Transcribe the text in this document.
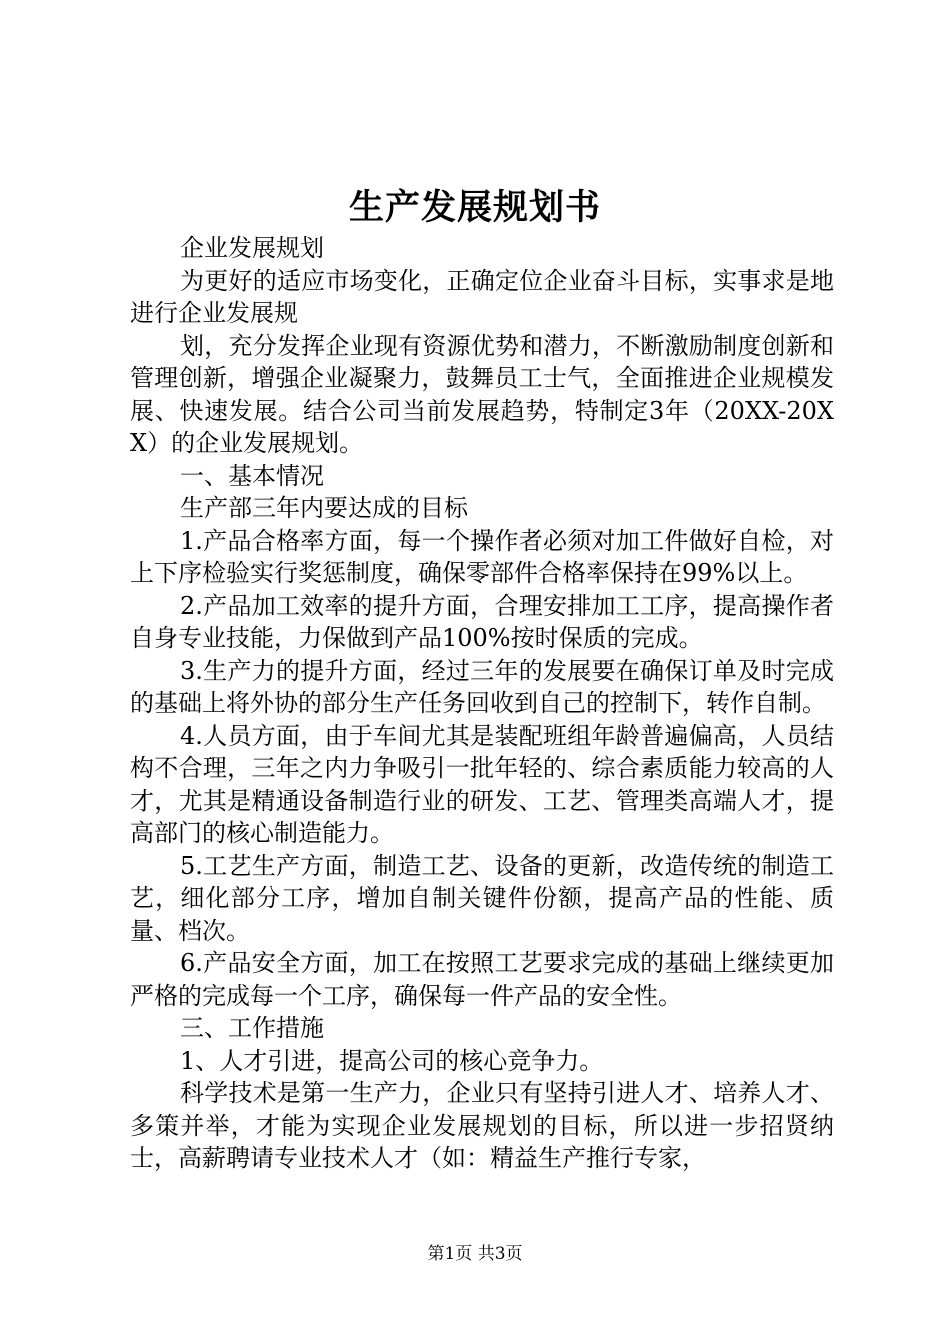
生产发展规划书

企业发展规划

为更好的适应市场变化，正确定位企业奋斗目标，实事求是地进行企业发展规

划，充分发挥企业现有资源优势和潜力，不断激励制度创新和管理创新，增强企业凝聚力，鼓舞员工士气，全面推进企业规模发展、快速发展。结合公司当前发展趋势，特制定3年（20XX-20XX）的企业发展规划。

一、基本情况

生产部三年内要达成的目标

1.产品合格率方面，每一个操作者必须对加工件做好自检，对上下序检验实行奖惩制度，确保零部件合格率保持在99%以上。

2.产品加工效率的提升方面，合理安排加工工序，提高操作者自身专业技能，力保做到产品100%按时保质的完成。

3.生产力的提升方面，经过三年的发展要在确保订单及时完成的基础上将外协的部分生产任务回收到自己的控制下，转作自制。

4.人员方面，由于车间尤其是装配班组年龄普遍偏高，人员结构不合理，三年之内力争吸引一批年轻的、综合素质能力较高的人才，尤其是精通设备制造行业的研发、工艺、管理类高端人才，提高部门的核心制造能力。

5.工艺生产方面，制造工艺、设备的更新，改造传统的制造工艺，细化部分工序，增加自制关键件份额，提高产品的性能、质量、档次。

6.产品安全方面，加工在按照工艺要求完成的基础上继续更加严格的完成每一个工序，确保每一件产品的安全性。

三、工作措施

1、人才引进，提高公司的核心竞争力。

科学技术是第一生产力，企业只有坚持引进人才、培养人才、多策并举，才能为实现企业发展规划的目标，所以进一步招贤纳士，高薪聘请专业技术人才（如：精益生产推行专家，

第1页 共3页
